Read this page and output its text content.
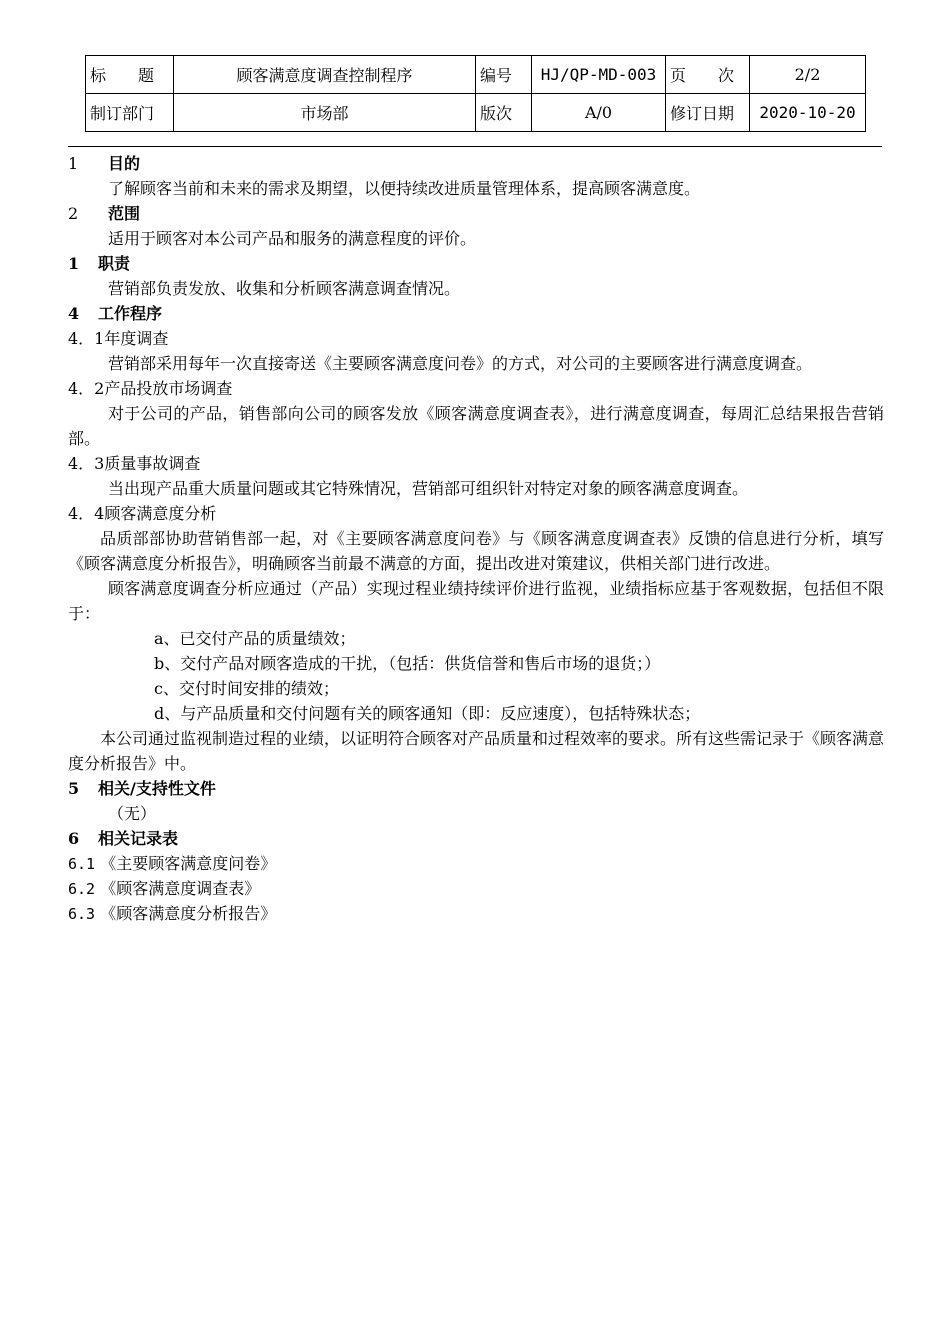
标　　题	顾客满意度调查控制程序	编号	HJ/QP-MD-003	页 次	2/2
制订部门	市场部	版次	A/0	修订日期	2020-10-20
1 目的
了解顾客当前和未来的需求及期望，以便持续改进质量管理体系，提高顾客满意度。
2 范围
适用于顾客对本公司产品和服务的满意程度的评价。
1 职责
营销部负责发放、收集和分析顾客满意调查情况。
4 工作程序
4．1年度调查
营销部采用每年一次直接寄送《主要顾客满意度问卷》的方式，对公司的主要顾客进行满意度调查。
4．2产品投放市场调查
对于公司的产品，销售部向公司的顾客发放《顾客满意度调查表》，进行满意度调查，每周汇总结果报告营销部。
4．3质量事故调查
当出现产品重大质量问题或其它特殊情况，营销部可组织针对特定对象的顾客满意度调查。
4．4顾客满意度分析
品质部部协助营销售部一起，对《主要顾客满意度问卷》与《顾客满意度调查表》反馈的信息进行分析，填写《顾客满意度分析报告》，明确顾客当前最不满意的方面，提出改进对策建议，供相关部门进行改进。
顾客满意度调查分析应通过（产品）实现过程业绩持续评价进行监视，业绩指标应基于客观数据，包括但不限于：
a、已交付产品的质量绩效；
b、交付产品对顾客造成的干扰，（包括：供货信誉和售后市场的退货；）
c、交付时间安排的绩效；
d、与产品质量和交付问题有关的顾客通知（即：反应速度），包括特殊状态；
本公司通过监视制造过程的业绩，以证明符合顾客对产品质量和过程效率的要求。所有这些需记录于《顾客满意度分析报告》中。
5 相关/支持性文件
（无）
6 相关记录表
6.1 《主要顾客满意度问卷》
6.2 《顾客满意度调查表》
6.3 《顾客满意度分析报告》
